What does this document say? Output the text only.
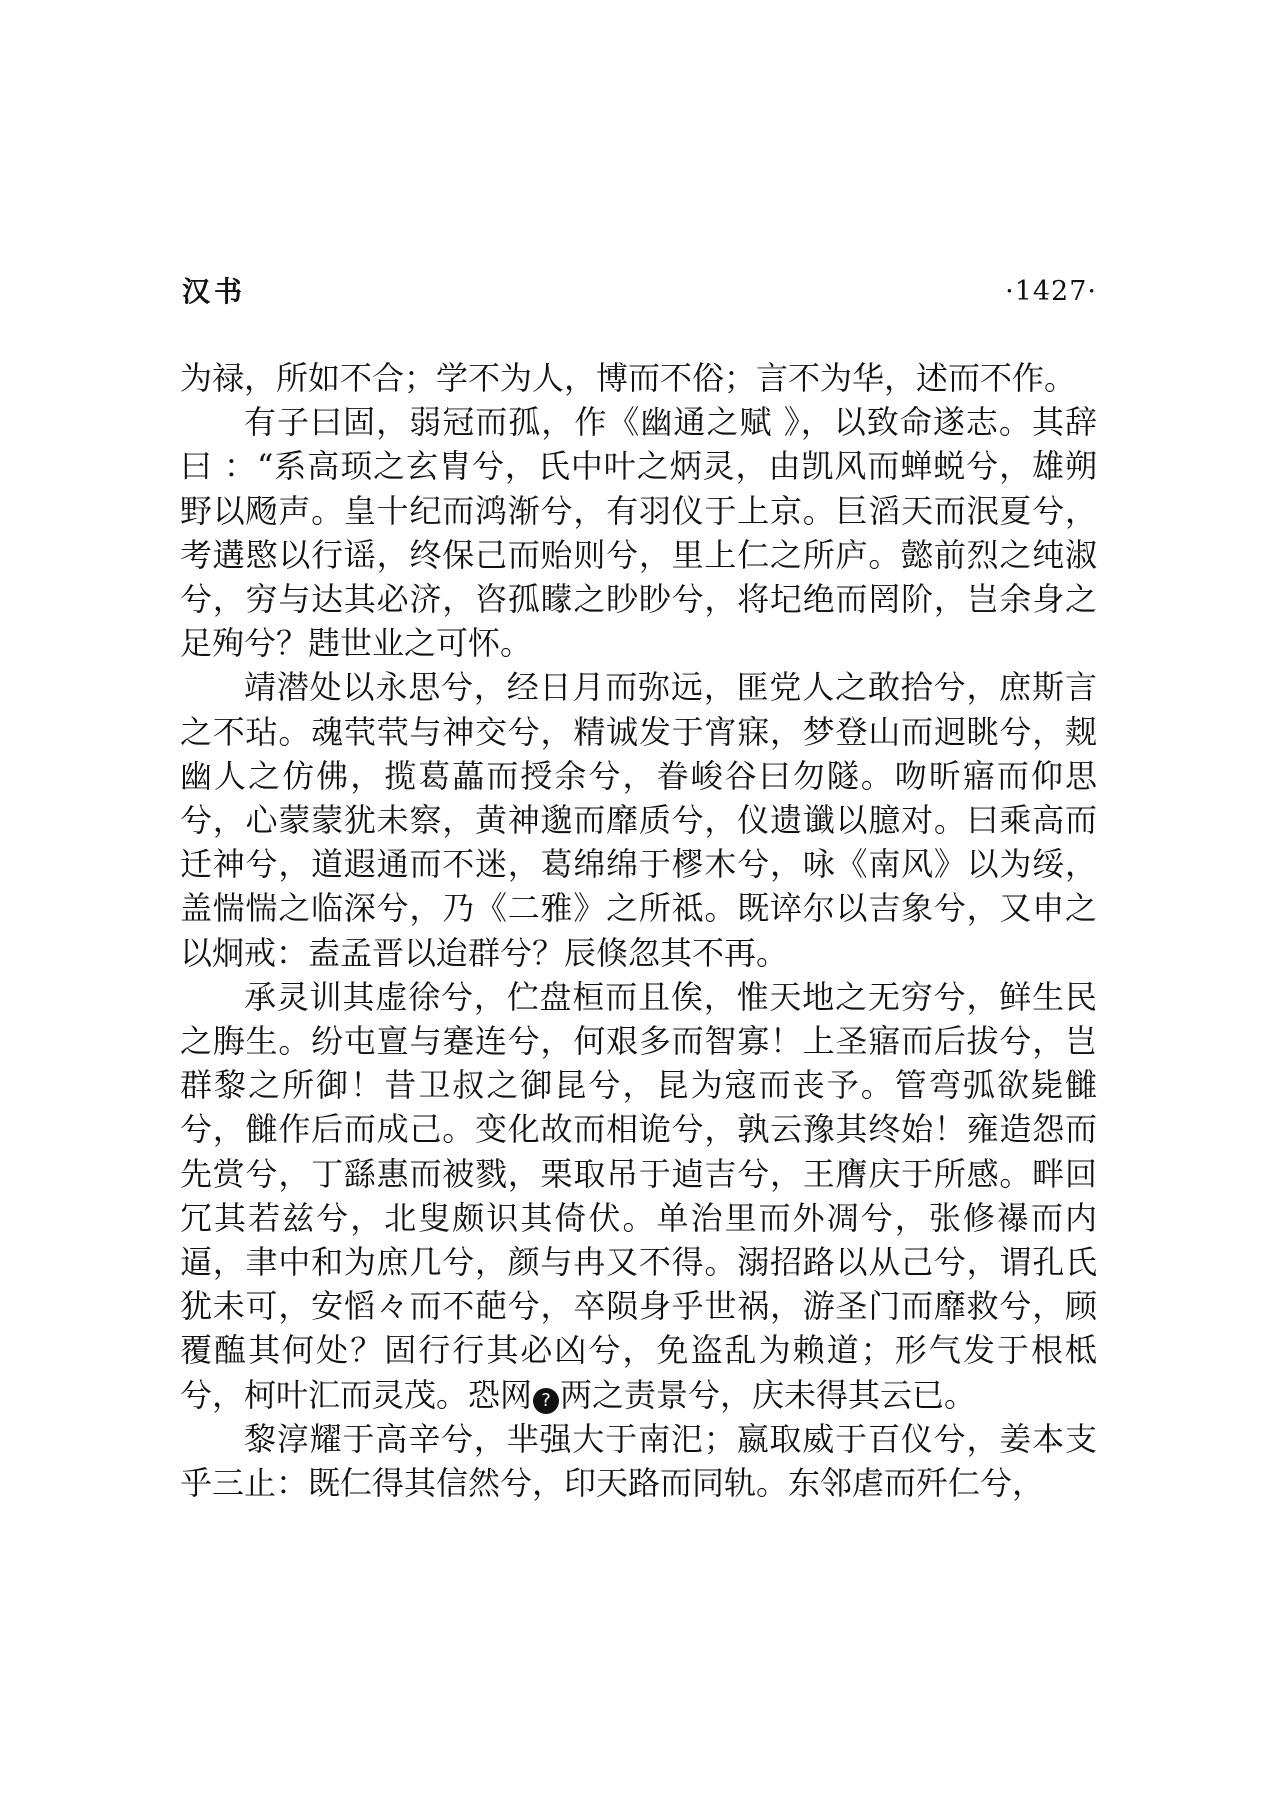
汉书	·1427·

为禄，所如不合；学不为人，博而不俗；言不为华，述而不作。

有子曰固，弱冠而孤，作《幽通之赋 》，以致命遂志。其辞曰 ：“系高顼之玄胄兮，氏中叶之炳灵，由凯风而蝉蜕兮，雄朔野以飏声。皇十纪而鸿渐兮，有羽仪于上京。巨滔天而泯夏兮，考遘愍以行谣，终保己而贻则兮，里上仁之所庐。懿前烈之纯淑兮，穷与达其必济，咨孤矇之眇眇兮，将圮绝而罔阶，岂余身之足殉兮？韪世业之可怀。

靖潜处以永思兮，经日月而弥远，匪党人之敢拾兮，庶斯言之不玷。魂茕茕与神交兮，精诚发于宵寐，梦登山而迥眺兮，觌幽人之仿佛，揽葛藟而授余兮，眷峻谷曰勿隧。吻昕寤而仰思兮，心蒙蒙犹未察，黄神邈而靡质兮，仪遗谶以臆对。曰乘高而迁神兮，道遐通而不迷，葛绵绵于樛木兮，咏《南风》以为绥，盖惴惴之临深兮，乃《二雅》之所祗。既谇尔以吉象兮，又申之以炯戒：盍孟晋以迨群兮？辰倏忽其不再。

承灵训其虚徐兮，伫盘桓而且俟，惟天地之无穷兮，鲜生民之脢生。纷屯亶与蹇连兮，何艰多而智寡！上圣寤而后拔兮，岂群黎之所御！昔卫叔之御昆兮，昆为寇而丧予。管弯弧欲毙雠兮，雠作后而成己。变化故而相诡兮，孰云豫其终始！雍造怨而先赏兮，丁繇惠而被戮，栗取吊于逌吉兮，王膺庆于所感。畔回冗其若兹兮，北叟颇识其倚伏。单治里而外凋兮，张修襮而内逼，聿中和为庶几兮，颜与冉又不得。溺招路以从己兮，谓孔氏犹未可，安慆々而不葩兮，卒陨身乎世祸，游圣门而靡救兮，顾覆醢其何处？固行行其必凶兮，免盗乱为赖道；形气发于根柢兮，柯叶汇而灵茂。恐网 ? 两之责景兮，庆未得其云已。

黎淳耀于高辛兮，芈强大于南汜；嬴取威于百仪兮，姜本支乎三止：既仁得其信然兮，印天路而同轨。东邻虐而歼仁兮，
